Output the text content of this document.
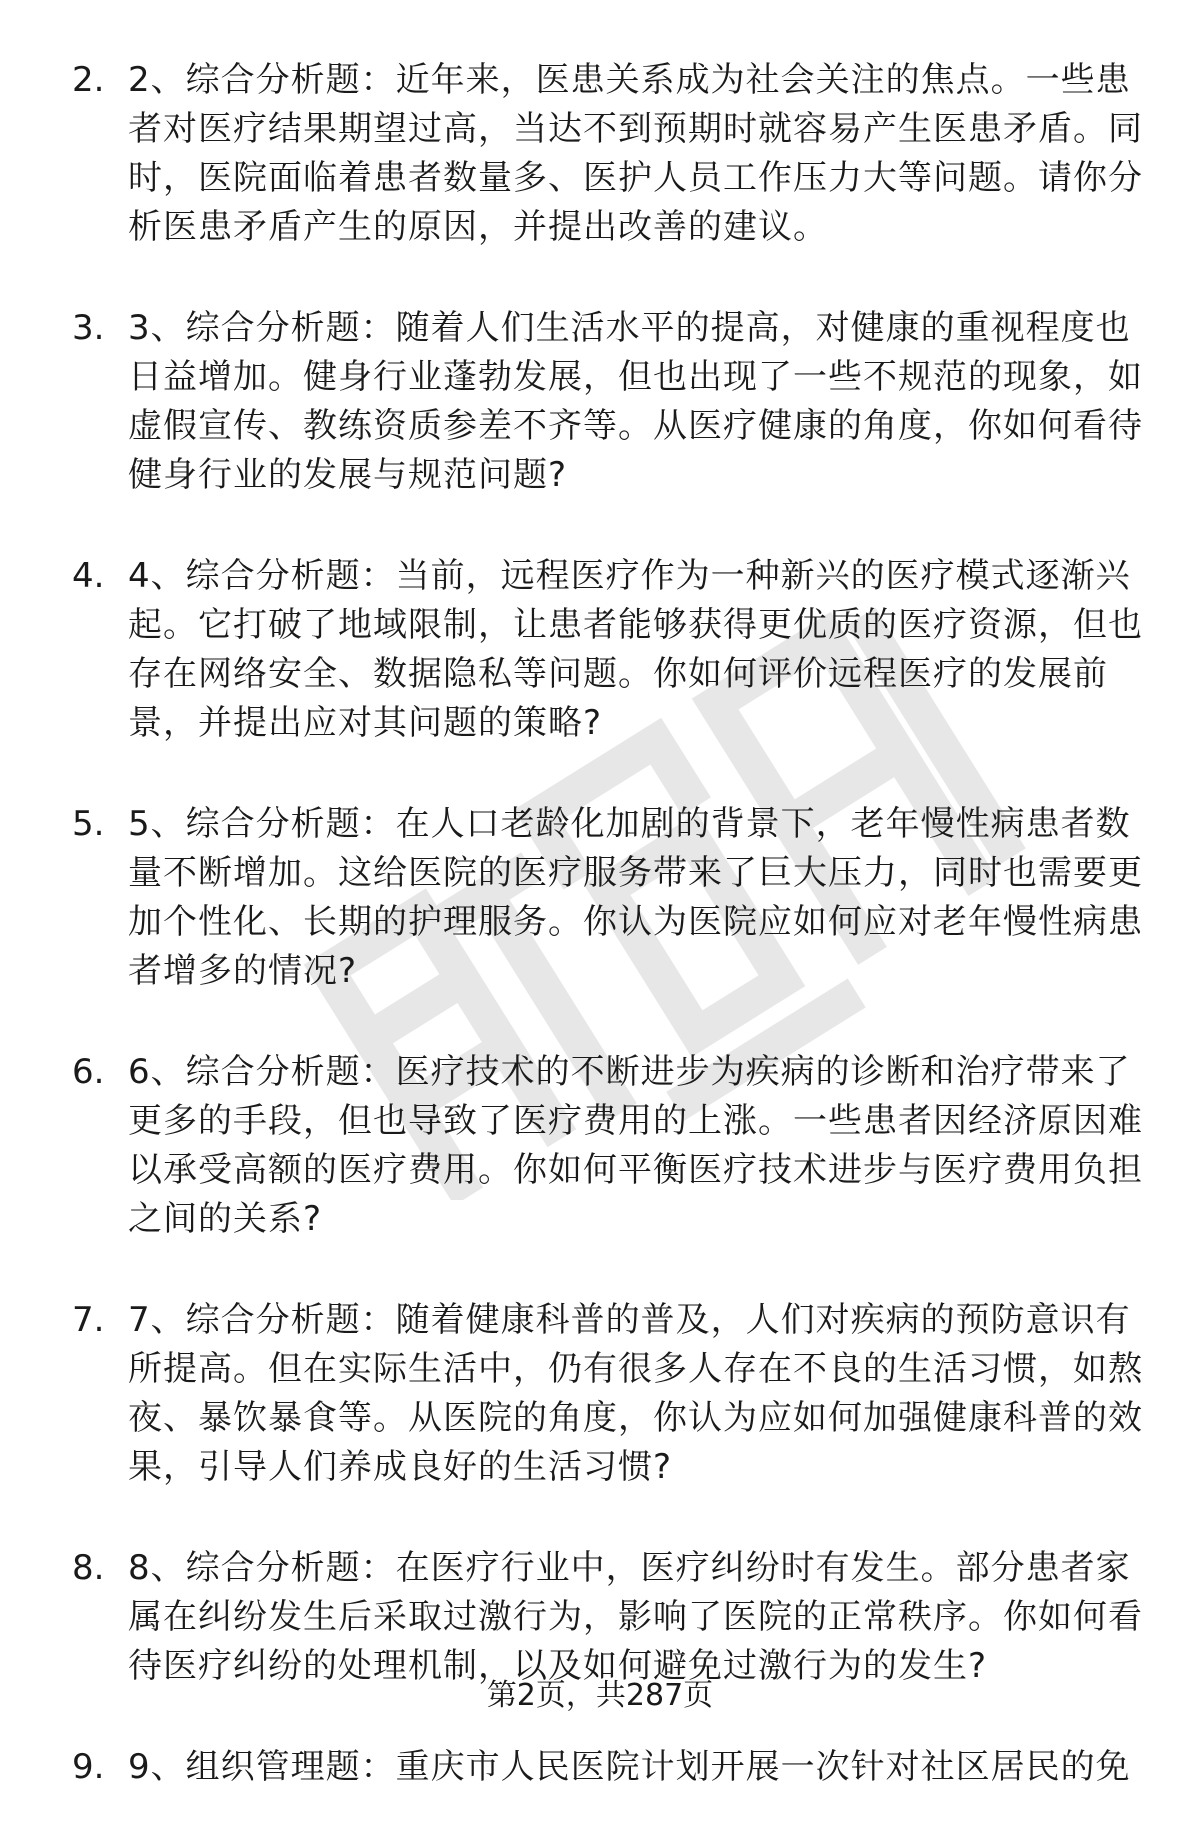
2. 2、综合分析题：近年来，医患关系成为社会关注的焦点。一些患者对医疗结果期望过高，当达不到预期时就容易产生医患矛盾。同时，医院面临着患者数量多、医护人员工作压力大等问题。请你分析医患矛盾产生的原因，并提出改善的建议。
3. 3、综合分析题：随着人们生活水平的提高，对健康的重视程度也日益增加。健身行业蓬勃发展，但也出现了一些不规范的现象，如虚假宣传、教练资质参差不齐等。从医疗健康的角度，你如何看待健身行业的发展与规范问题?
4. 4、综合分析题：当前，远程医疗作为一种新兴的医疗模式逐渐兴起。它打破了地域限制，让患者能够获得更优质的医疗资源，但也存在网络安全、数据隐私等问题。你如何评价远程医疗的发展前景，并提出应对其问题的策略?
5. 5、综合分析题：在人口老龄化加剧的背景下，老年慢性病患者数量不断增加。这给医院的医疗服务带来了巨大压力，同时也需要更加个性化、长期的护理服务。你认为医院应如何应对老年慢性病患者增多的情况?
6. 6、综合分析题：医疗技术的不断进步为疾病的诊断和治疗带来了更多的手段，但也导致了医疗费用的上涨。一些患者因经济原因难以承受高额的医疗费用。你如何平衡医疗技术进步与医疗费用负担之间的关系?
7. 7、综合分析题：随着健康科普的普及，人们对疾病的预防意识有所提高。但在实际生活中，仍有很多人存在不良的生活习惯，如熬夜、暴饮暴食等。从医院的角度，你认为应如何加强健康科普的效果，引导人们养成良好的生活习惯?
8. 8、综合分析题：在医疗行业中，医疗纠纷时有发生。部分患者家属在纠纷发生后采取过激行为，影响了医院的正常秩序。你如何看待医疗纠纷的处理机制，以及如何避免过激行为的发生?
9. 9、组织管理题：重庆市人民医院计划开展一次针对社区居民的免
第2页，共287页
